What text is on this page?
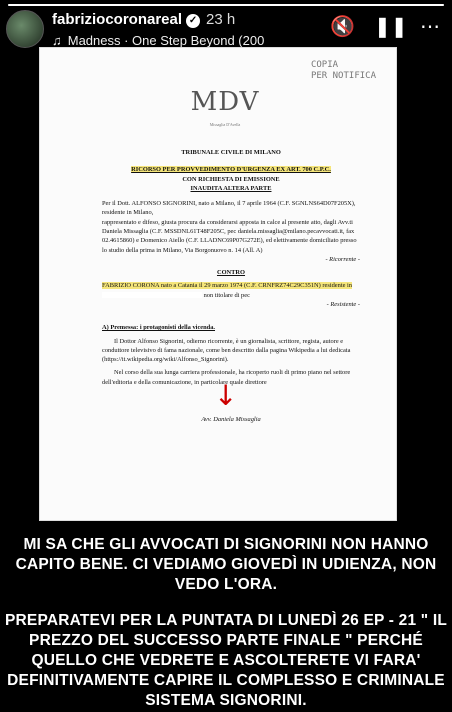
fabriziocoronareal ✓ 23 h
♫ Madness · One Step Beyond (200
🔇 ❚❚ ⋯
COPIA
PER NOTIFICA
MDV
Missaglia D'Avella
TRIBUNALE CIVILE DI MILANO
RICORSO PER PROVVEDIMENTO D'URGENZA EX ART. 700 C.P.C.
CON RICHIESTA DI EMISSIONE
INAUDITA ALTERA PARTE

Per il Dott. ALFONSO SIGNORINI, nato a Milano, il 7 aprile 1964 (C.F. SGNLNS64D07F205X), residente in Milano,

rappresentato e difeso, giusta procura da considerarsi apposta in calce al presente atto, dagli Avv.ti Daniela Missaglia (C.F. MSSDNL61T48F205C, pec daniela.missaglia@milano.pecavvocati.it, fax 02.4615860) e Domenico Aiello (C.F. LLADNC69P07G272E), ed elettivamente domiciliato presso lo studio della prima in Milano, Via Borgonuovo n. 14 (All. A)

- Ricorrente -
CONTRO

FABRIZIO CORONA nato a Catania il 29 marzo 1974 (C.F. CRNFRZ74C29C351N) residente in  non titolare di pec

- Resistente -
A) Premessa: i protagonisti della vicenda.

Il Dottor Alfonso Signorini, odierno ricorrente, è un giornalista, scrittore, regista, autore e conduttore televisivo di fama nazionale, come ben descritto dalla pagina Wikipedia a lui dedicata (https://it.wikipedia.org/wiki/Alfonso_Signorini).

Nel corso della sua lunga carriera professionale, ha ricoperto ruoli di primo piano nel settore dell'editoria e della comunicazione, in particolare quale direttore

Avv. Daniela Missaglia
↓
MI SA CHE GLI AVVOCATI DI SIGNORINI NON HANNO CAPITO BENE. CI VEDIAMO GIOVEDÌ IN UDIENZA, NON VEDO L'ORA.
PREPARATEVI PER LA PUNTATA DI LUNEDÌ 26 EP - 21 " IL PREZZO DEL SUCCESSO PARTE FINALE " PERCHÉ QUELLO CHE VEDRETE E ASCOLTERETE VI FARA' DEFINITIVAMENTE CAPIRE IL COMPLESSO E CRIMINALE SISTEMA SIGNORINI.
